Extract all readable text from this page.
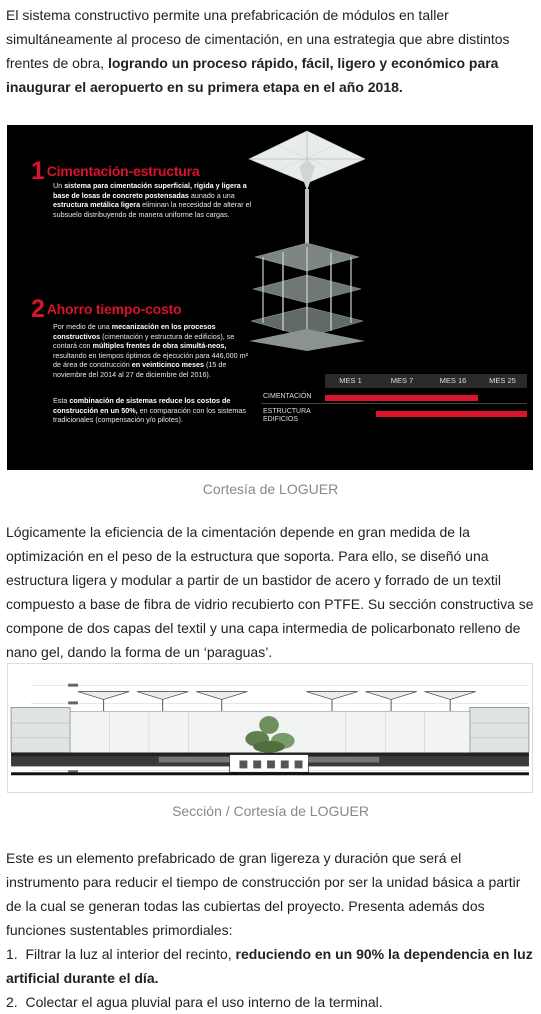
El sistema constructivo permite una prefabricación de módulos en taller simultáneamente al proceso de cimentación, en una estrategia que abre distintos frentes de obra, logrando un proceso rápido, fácil, ligero y económico para inaugurar el aeropuerto en su primera etapa en el año 2018.

1 Cimentación-estructura
Un sistema para cimentación superficial, rígida y ligera a base de losas de concreto postensadas aunado a una estructura metálica ligera eliminan la necesidad de alterar el subsuelo distribuyendo de manera uniforme las cargas.
2 Ahorro tiempo-costo
Por medio de una mecanización en los procesos constructivos (cimentación y estructura de edificios), se contará con múltiples frentes de obra simultá-neos, resultando en tiempos óptimos de ejecución para 446,000 m² de área de construcción en veinticinco meses (15 de noviembre del 2014 al 27 de diciembre del 2016).
Esta combinación de sistemas reduce los costos de construcción en un 50%, en comparación con los sistemas tradicionales (compensación y/o pilotes).
MES 1	MES 7	MES 16	MES 25
CIMENTACIÓN
ESTRUCTURA
EDIFICIOS
Cortesía de LOGUER

Lógicamente la eficiencia de la cimentación depende en gran medida de la optimización en el peso de la estructura que soporta. Para ello, se diseñó una estructura ligera y modular a partir de un bastidor de acero y forrado de un textil compuesto a base de fibra de vidrio recubierto con PTFE. Su sección constructiva se compone de dos capas del textil y una capa intermedia de policarbonato relleno de nano gel, dando la forma de un ‘paraguas’.

Sección / Cortesía de LOGUER
Este es un elemento prefabricado de gran ligereza y duración que será el instrumento para reducir el tiempo de construcción por ser la unidad básica a partir de la cual se generan todas las cubiertas del proyecto. Presenta además dos funciones sustentables primordiales:
1. Filtrar la luz al interior del recinto, reduciendo en un 90% la dependencia en luz artificial durante el día.
2. Colectar el agua pluvial para el uso interno de la terminal.
